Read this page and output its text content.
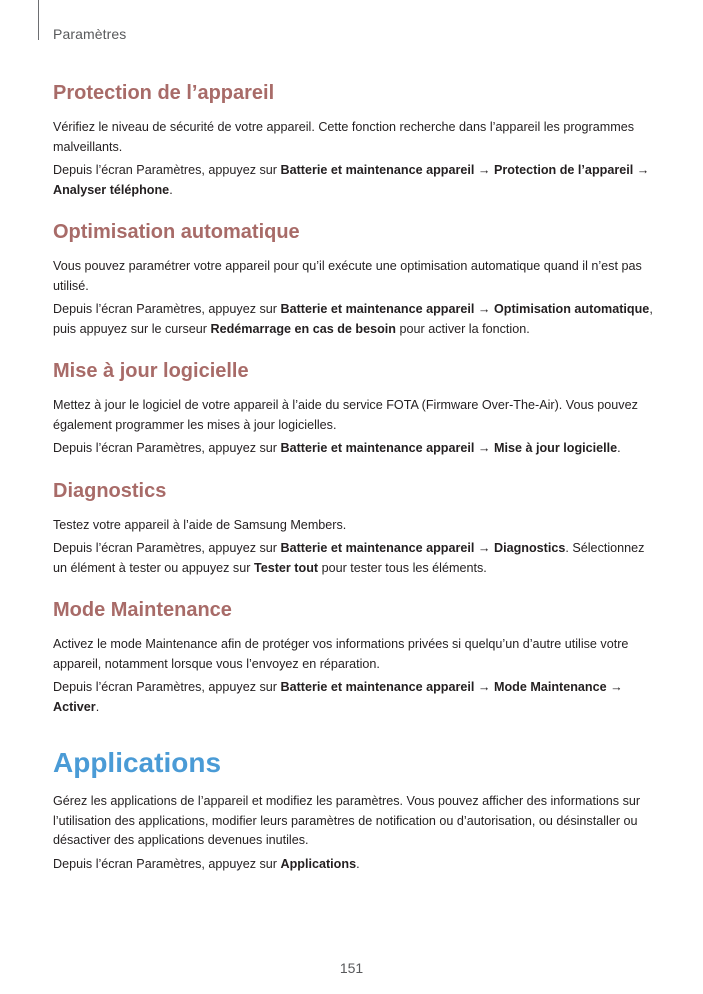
Paramètres
Protection de l’appareil

Vérifiez le niveau de sécurité de votre appareil. Cette fonction recherche dans l’appareil les programmes malveillants.

Depuis l’écran Paramètres, appuyez sur Batterie et maintenance appareil → Protection de l’appareil → Analyser téléphone.

Optimisation automatique

Vous pouvez paramétrer votre appareil pour qu’il exécute une optimisation automatique quand il n’est pas utilisé.

Depuis l’écran Paramètres, appuyez sur Batterie et maintenance appareil → Optimisation automatique, puis appuyez sur le curseur Redémarrage en cas de besoin pour activer la fonction.

Mise à jour logicielle

Mettez à jour le logiciel de votre appareil à l’aide du service FOTA (Firmware Over-The-Air). Vous pouvez également programmer les mises à jour logicielles.

Depuis l’écran Paramètres, appuyez sur Batterie et maintenance appareil → Mise à jour logicielle.

Diagnostics

Testez votre appareil à l’aide de Samsung Members.

Depuis l’écran Paramètres, appuyez sur Batterie et maintenance appareil → Diagnostics. Sélectionnez un élément à tester ou appuyez sur Tester tout pour tester tous les éléments.

Mode Maintenance

Activez le mode Maintenance afin de protéger vos informations privées si quelqu’un d’autre utilise votre appareil, notamment lorsque vous l’envoyez en réparation.

Depuis l’écran Paramètres, appuyez sur Batterie et maintenance appareil → Mode Maintenance → Activer.

Applications

Gérez les applications de l’appareil et modifiez les paramètres. Vous pouvez afficher des informations sur l’utilisation des applications, modifier leurs paramètres de notification ou d’autorisation, ou désinstaller ou désactiver des applications devenues inutiles.

Depuis l’écran Paramètres, appuyez sur Applications.

151
